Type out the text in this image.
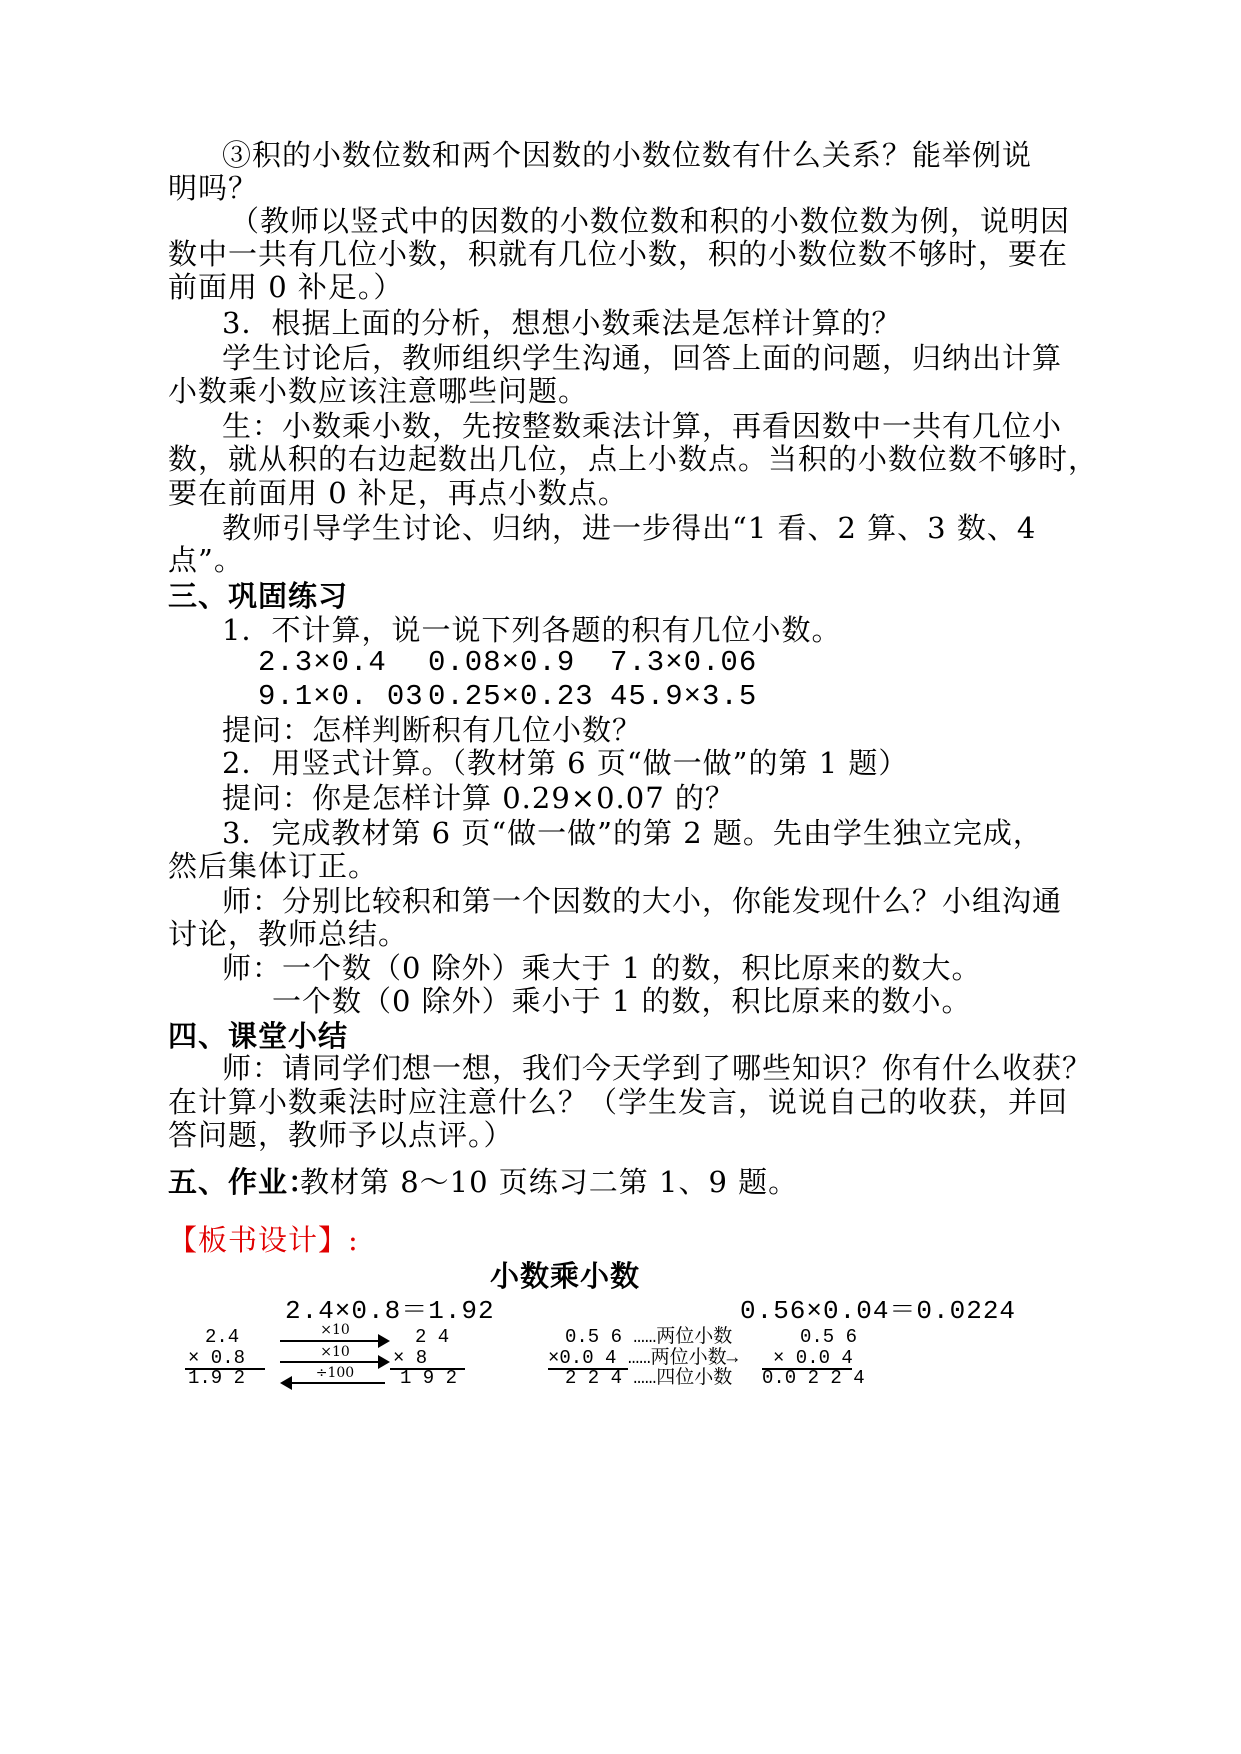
③积的小数位数和两个因数的小数位数有什么关系？能举例说
明吗？
（教师以竖式中的因数的小数位数和积的小数位数为例，说明因
数中一共有几位小数，积就有几位小数，积的小数位数不够时，要在
前面用 0 补足。）
3．根据上面的分析，想想小数乘法是怎样计算的？
学生讨论后，教师组织学生沟通，回答上面的问题，归纳出计算
小数乘小数应该注意哪些问题。
生：小数乘小数，先按整数乘法计算，再看因数中一共有几位小
数，就从积的右边起数出几位，点上小数点。当积的小数位数不够时，
要在前面用 0 补足，再点小数点。
教师引导学生讨论、归纳，进一步得出“1 看、2 算、3 数、4
点”。
三、巩固练习
1．不计算，说一说下列各题的积有几位小数。
2.3×0.4 0.08×0.9 7.3×0.06
9.1×0. 03 0.25×0.23 45.9×3.5
提问：怎样判断积有几位小数？
2．用竖式计算。（教材第 6 页“做一做”的第 1 题）
提问：你是怎样计算 0.29×0.07 的？
3．完成教材第 6 页“做一做”的第 2 题。先由学生独立完成，
然后集体订正。
师：分别比较积和第一个因数的大小，你能发现什么？小组沟通
讨论，教师总结。
师：一个数（0 除外）乘大于 1 的数，积比原来的数大。
一个数（0 除外）乘小于 1 的数，积比原来的数小。
四、课堂小结
师：请同学们想一想，我们今天学到了哪些知识？你有什么收获？
在计算小数乘法时应注意什么？（学生发言，说说自己的收获，并回
答问题，教师予以点评。）
五、作业：
教材第 8～10 页练习二第 1、9 题。
【板书设计】:
小数乘小数
2.4×0.8＝1.92	0.56×0.04＝0.0224
2.4
× 0.8
1.9 2
×10
×10
÷100
2 4
× 8
1 9 2
0.5 6 ……两位小数
×0.0 4 ……两位小数→
2 2 4 ……四位小数
0.5 6
× 0.0 4
0.0 2 2 4
